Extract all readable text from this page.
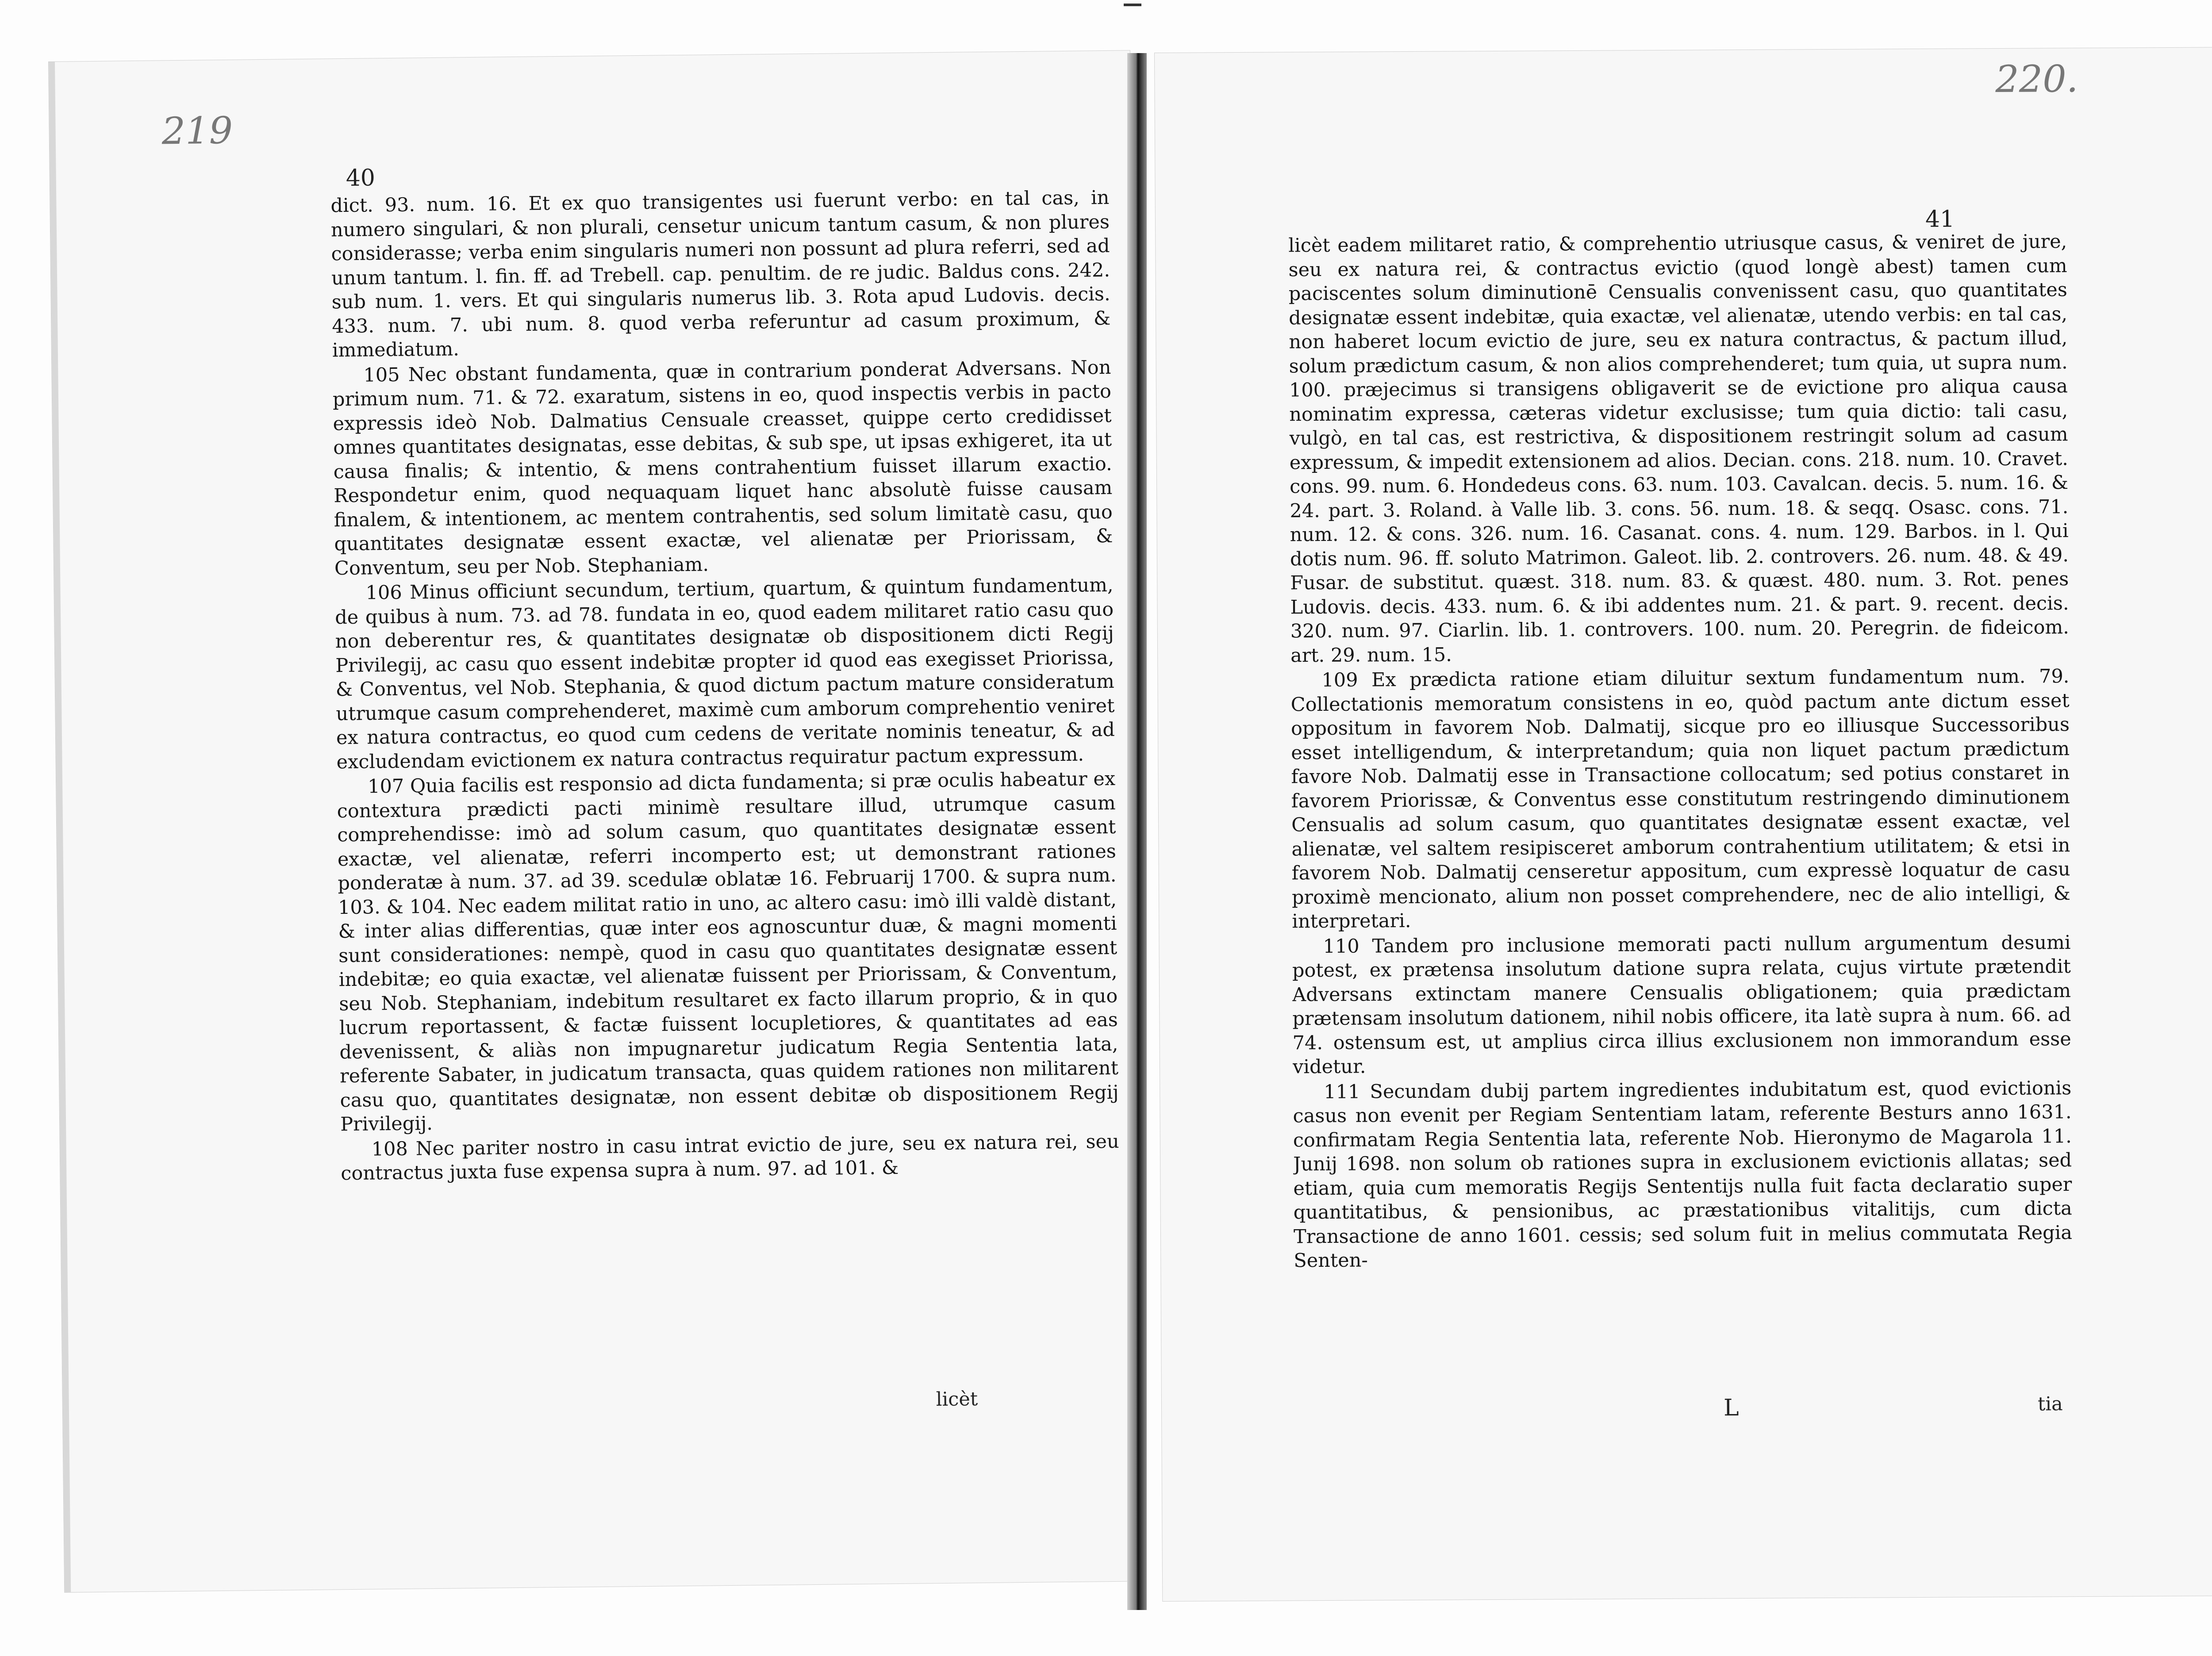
219
40

dict. 93. num. 16. Et ex quo transigentes usi fuerunt verbo: en tal cas, in numero singulari, & non plurali, censetur unicum tantum casum, & non plures considerasse; verba enim singularis numeri non possunt ad plura referri, sed ad unum tantum. l. fin. ff. ad Trebell. cap. penultim. de re judic. Baldus cons. 242. sub num. 1. vers. Et qui singularis numerus lib. 3. Rota apud Ludovis. decis. 433. num. 7. ubi num. 8. quod verba referuntur ad casum proximum, & immediatum.

105 Nec obstant fundamenta, quæ in contrarium ponderat Adversans. Non primum num. 71. & 72. exaratum, sistens in eo, quod inspectis verbis in pacto expressis ideò Nob. Dalmatius Censuale creasset, quippe certo credidisset omnes quantitates designatas, esse debitas, & sub spe, ut ipsas exhigeret, ita ut causa finalis; & intentio, & mens contrahentium fuisset illarum exactio. Respondetur enim, quod nequaquam liquet hanc absolutè fuisse causam finalem, & intentionem, ac mentem contrahentis, sed solum limitatè casu, quo quantitates designatæ essent exactæ, vel alienatæ per Priorissam, & Conventum, seu per Nob. Stephaniam.

106 Minus officiunt secundum, tertium, quartum, & quintum fundamentum, de quibus à num. 73. ad 78. fundata in eo, quod eadem militaret ratio casu quo non deberentur res, & quantitates designatæ ob dispositionem dicti Regij Privilegij, ac casu quo essent indebitæ propter id quod eas exegisset Priorissa, & Conventus, vel Nob. Stephania, & quod dictum pactum mature consideratum utrumque casum comprehenderet, maximè cum amborum comprehentio veniret ex natura contractus, eo quod cum cedens de veritate nominis teneatur, & ad excludendam evictionem ex natura contractus requiratur pactum expressum.

107 Quia facilis est responsio ad dicta fundamenta; si præ oculis habeatur ex contextura prædicti pacti minimè resultare illud, utrumque casum comprehendisse: imò ad solum casum, quo quantitates designatæ essent exactæ, vel alienatæ, referri incomperto est; ut demonstrant rationes ponderatæ à num. 37. ad 39. scedulæ oblatæ 16. Februarij 1700. & supra num. 103. & 104. Nec eadem militat ratio in uno, ac altero casu: imò illi valdè distant, & inter alias differentias, quæ inter eos agnoscuntur duæ, & magni momenti sunt considerationes: nempè, quod in casu quo quantitates designatæ essent indebitæ; eo quia exactæ, vel alienatæ fuissent per Priorissam, & Conventum, seu Nob. Stephaniam, indebitum resultaret ex facto illarum proprio, & in quo lucrum reportassent, & factæ fuissent locupletiores, & quantitates ad eas devenissent, & aliàs non impugnaretur judicatum Regia Sententia lata, referente Sabater, in judicatum transacta, quas quidem rationes non militarent casu quo, quantitates designatæ, non essent debitæ ob dispositionem Regij Privilegij.

108 Nec pariter nostro in casu intrat evictio de jure, seu ex natura rei, seu contractus juxta fuse expensa supra à num. 97. ad 101. &

licèt
220.
41

licèt eadem militaret ratio, & comprehentio utriusque casus, & veniret de jure, seu ex natura rei, & contractus evictio (quod longè abest) tamen cum paciscentes solum diminutionē Censualis convenissent casu, quo quantitates designatæ essent indebitæ, quia exactæ, vel alienatæ, utendo verbis: en tal cas, non haberet locum evictio de jure, seu ex natura contractus, & pactum illud, solum prædictum casum, & non alios comprehenderet; tum quia, ut supra num. 100. præjecimus si transigens obligaverit se de evictione pro aliqua causa nominatim expressa, cæteras videtur exclusisse; tum quia dictio: tali casu, vulgò, en tal cas, est restrictiva, & dispositionem restringit solum ad casum expressum, & impedit extensionem ad alios. Decian. cons. 218. num. 10. Cravet. cons. 99. num. 6. Hondedeus cons. 63. num. 103. Cavalcan. decis. 5. num. 16. & 24. part. 3. Roland. à Valle lib. 3. cons. 56. num. 18. & seqq. Osasc. cons. 71. num. 12. & cons. 326. num. 16. Casanat. cons. 4. num. 129. Barbos. in l. Qui dotis num. 96. ff. soluto Matrimon. Galeot. lib. 2. controvers. 26. num. 48. & 49. Fusar. de substitut. quæst. 318. num. 83. & quæst. 480. num. 3. Rot. penes Ludovis. decis. 433. num. 6. & ibi addentes num. 21. & part. 9. recent. decis. 320. num. 97. Ciarlin. lib. 1. controvers. 100. num. 20. Peregrin. de fideicom. art. 29. num. 15.

109 Ex prædicta ratione etiam diluitur sextum fundamentum num. 79. Collectationis memoratum consistens in eo, quòd pactum ante dictum esset oppositum in favorem Nob. Dalmatij, sicque pro eo illiusque Successoribus esset intelligendum, & interpretandum; quia non liquet pactum prædictum favore Nob. Dalmatij esse in Transactione collocatum; sed potius constaret in favorem Priorissæ, & Conventus esse constitutum restringendo diminutionem Censualis ad solum casum, quo quantitates designatæ essent exactæ, vel alienatæ, vel saltem resipisceret amborum contrahentium utilitatem; & etsi in favorem Nob. Dalmatij censeretur appositum, cum expressè loquatur de casu proximè mencionato, alium non posset comprehendere, nec de alio intelligi, & interpretari.

110 Tandem pro inclusione memorati pacti nullum argumentum desumi potest, ex prætensa insolutum datione supra relata, cujus virtute prætendit Adversans extinctam manere Censualis obligationem; quia prædictam prætensam insolutum dationem, nihil nobis officere, ita latè supra à num. 66. ad 74. ostensum est, ut amplius circa illius exclusionem non immorandum esse videtur.

111 Secundam dubij partem ingredientes indubitatum est, quod evictionis casus non evenit per Regiam Sententiam latam, referente Besturs anno 1631. confirmatam Regia Sententia lata, referente Nob. Hieronymo de Magarola 11. Junij 1698. non solum ob rationes supra in exclusionem evictionis allatas; sed etiam, quia cum memoratis Regijs Sententijs nulla fuit facta declaratio super quantitatibus, & pensionibus, ac præstationibus vitalitijs, cum dicta Transactione de anno 1601. cessis; sed solum fuit in melius commutata Regia Senten-

L	tia
